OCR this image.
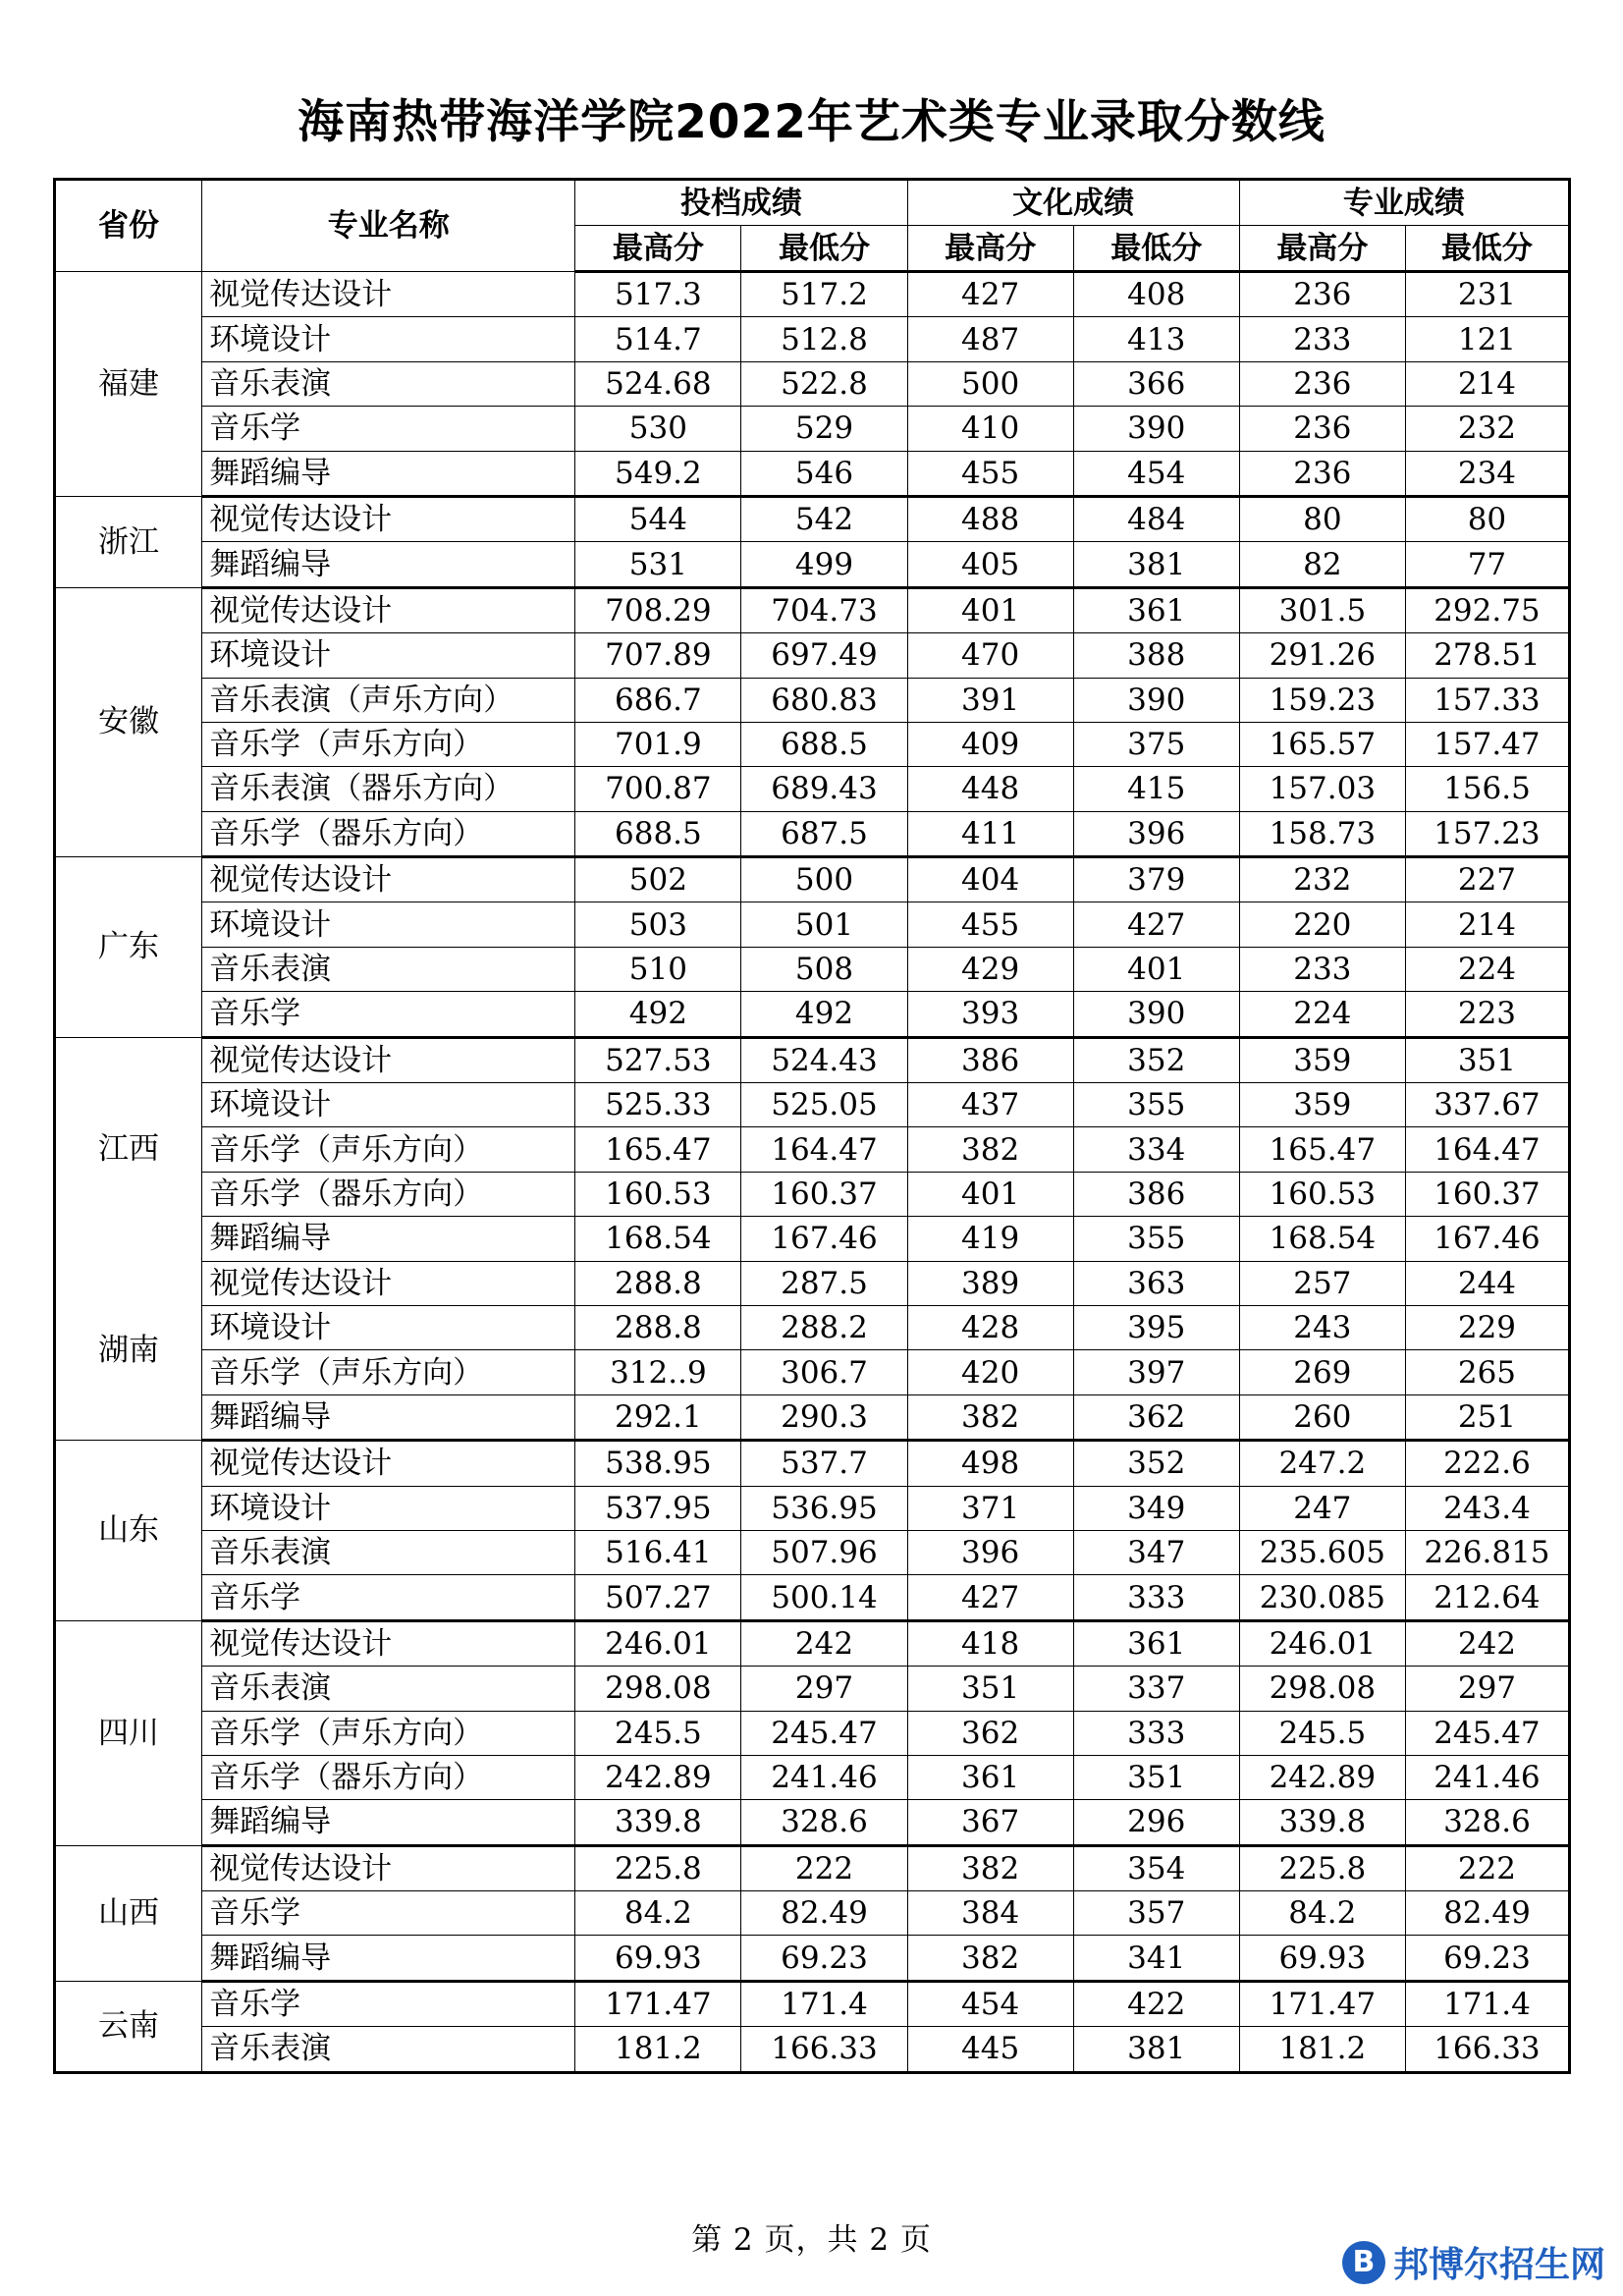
海南热带海洋学院2022年艺术类专业录取分数线
省份	专业名称	投档成绩		文化成绩		专业成绩	
		最高分	最低分	最高分	最低分	最高分	最低分
福建	视觉传达设计	517.3	517.2	427	408	236	231
	环境设计	514.7	512.8	487	413	233	121
	音乐表演	524.68	522.8	500	366	236	214
	音乐学	530	529	410	390	236	232
	舞蹈编导	549.2	546	455	454	236	234
浙江	视觉传达设计	544	542	488	484	80	80
	舞蹈编导	531	499	405	381	82	77
安徽	视觉传达设计	708.29	704.73	401	361	301.5	292.75
	环境设计	707.89	697.49	470	388	291.26	278.51
	音乐表演（声乐方向）	686.7	680.83	391	390	159.23	157.33
	音乐学（声乐方向）	701.9	688.5	409	375	165.57	157.47
	音乐表演（器乐方向）	700.87	689.43	448	415	157.03	156.5
	音乐学（器乐方向）	688.5	687.5	411	396	158.73	157.23
广东	视觉传达设计	502	500	404	379	232	227
	环境设计	503	501	455	427	220	214
	音乐表演	510	508	429	401	233	224
	音乐学	492	492	393	390	224	223
江西	视觉传达设计	527.53	524.43	386	352	359	351
	环境设计	525.33	525.05	437	355	359	337.67
	音乐学（声乐方向）	165.47	164.47	382	334	165.47	164.47
	音乐学（器乐方向）	160.53	160.37	401	386	160.53	160.37
	舞蹈编导	168.54	167.46	419	355	168.54	167.46
湖南	视觉传达设计	288.8	287.5	389	363	257	244
	环境设计	288.8	288.2	428	395	243	229
	音乐学（声乐方向）	312..9	306.7	420	397	269	265
	舞蹈编导	292.1	290.3	382	362	260	251
山东	视觉传达设计	538.95	537.7	498	352	247.2	222.6
	环境设计	537.95	536.95	371	349	247	243.4
	音乐表演	516.41	507.96	396	347	235.605	226.815
	音乐学	507.27	500.14	427	333	230.085	212.64
四川	视觉传达设计	246.01	242	418	361	246.01	242
	音乐表演	298.08	297	351	337	298.08	297
	音乐学（声乐方向）	245.5	245.47	362	333	245.5	245.47
	音乐学（器乐方向）	242.89	241.46	361	351	242.89	241.46
	舞蹈编导	339.8	328.6	367	296	339.8	328.6
山西	视觉传达设计	225.8	222	382	354	225.8	222
	音乐学	84.2	82.49	384	357	84.2	82.49
	舞蹈编导	69.93	69.23	382	341	69.93	69.23
云南	音乐学	171.47	171.4	454	422	171.47	171.4
	音乐表演	181.2	166.33	445	381	181.2	166.33
第 2 页，共 2 页
B 邦博尔招生网
